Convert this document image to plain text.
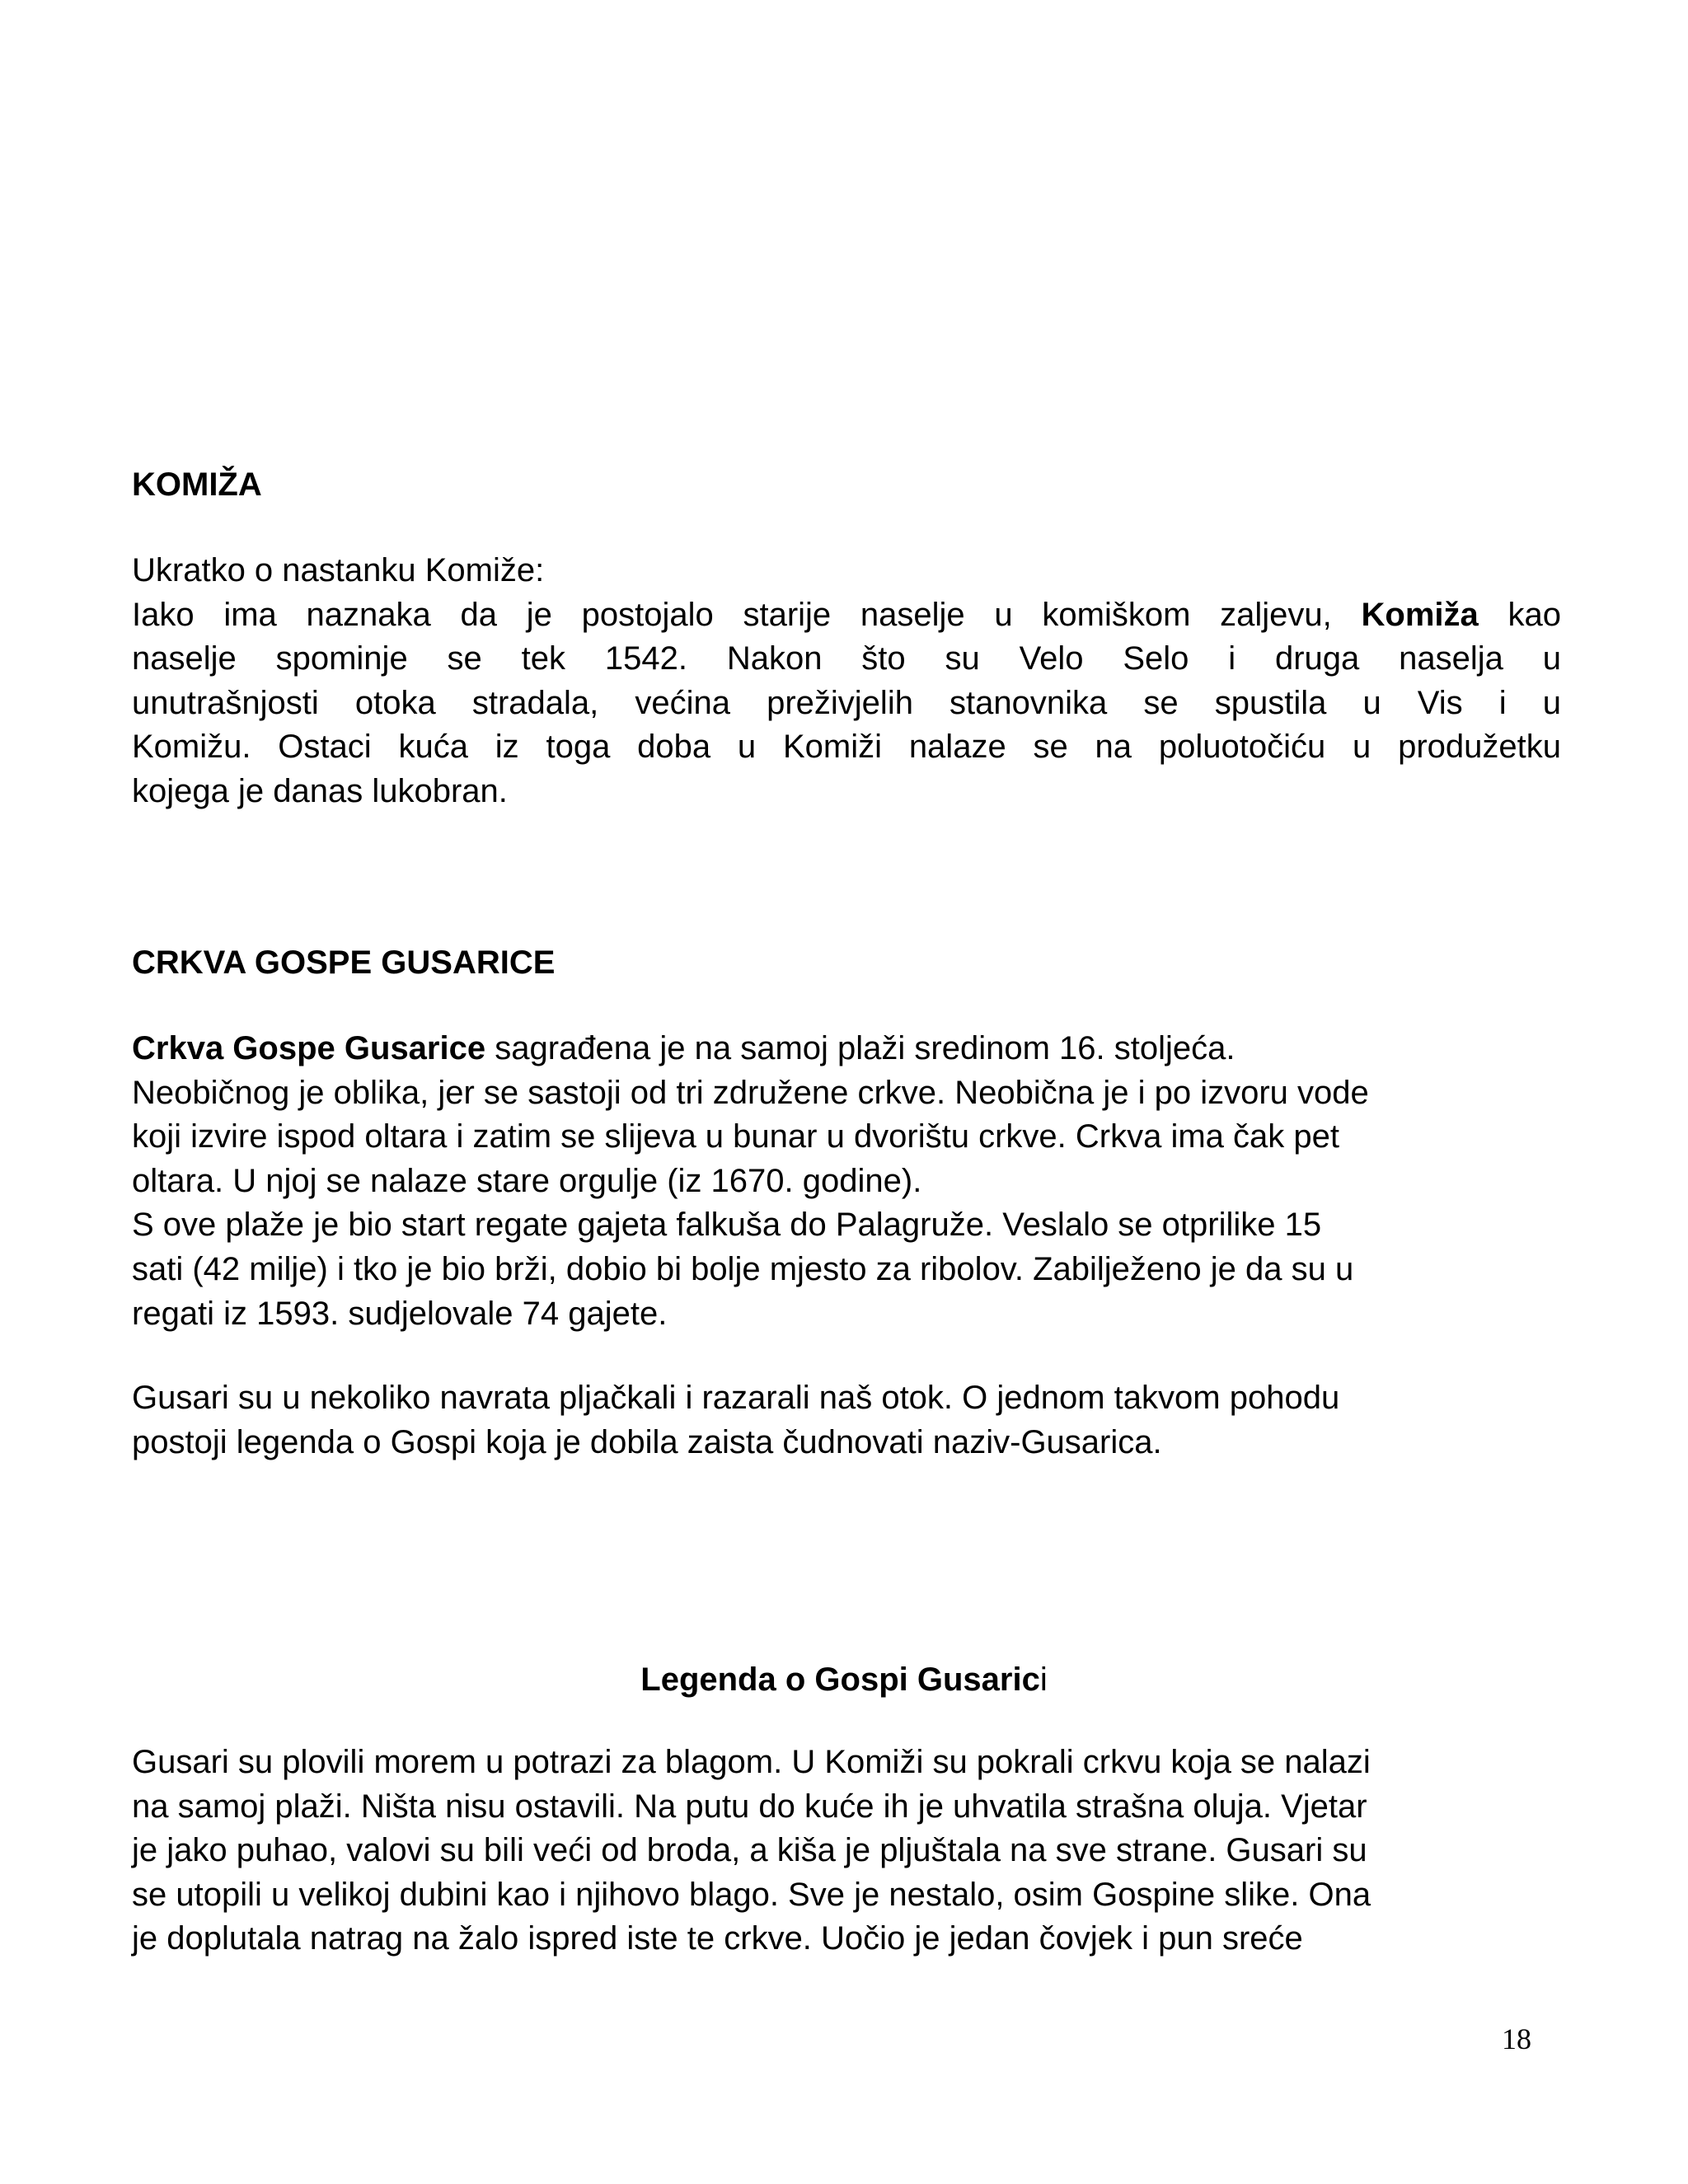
KOMIŽA
Ukratko o nastanku Komiže:
Iako ima naznaka da je postojalo starije naselje u komiškom zaljevu, Komiža kao
naselje spominje se tek 1542. Nakon što su Velo Selo i druga naselja u
unutrašnjosti otoka stradala, većina preživjelih stanovnika se spustila u Vis i u
Komižu. Ostaci kuća iz toga doba u Komiži nalaze se na poluotočiću u produžetku
kojega je danas lukobran.
CRKVA GOSPE GUSARICE
Crkva Gospe Gusarice sagrađena je na samoj plaži sredinom 16. stoljeća.
Neobičnog je oblika, jer se sastoji od tri združene crkve. Neobična je i po izvoru vode
koji izvire ispod oltara i zatim se slijeva u bunar u dvorištu crkve. Crkva ima čak pet
oltara. U njoj se nalaze stare orgulje (iz 1670. godine).
S ove plaže je bio start regate gajeta falkuša do Palagruže. Veslalo se otprilike 15
sati (42 milje) i tko je bio brži, dobio bi bolje mjesto za ribolov. Zabilježeno je da su u
regati iz 1593. sudjelovale 74 gajete.
Gusari su u nekoliko navrata pljačkali i razarali naš otok. O jednom takvom pohodu
postoji legenda o Gospi koja je dobila zaista čudnovati naziv-Gusarica.
Legenda o Gospi Gusarici
Gusari su plovili morem u potrazi za blagom. U Komiži su pokrali crkvu koja se nalazi
na samoj plaži. Ništa nisu ostavili. Na putu do kuće ih je uhvatila strašna oluja. Vjetar
je jako puhao, valovi su bili veći od broda, a kiša je pljuštala na sve strane. Gusari su
se utopili u velikoj dubini kao i njihovo blago. Sve je nestalo, osim Gospine slike. Ona
je doplutala natrag na žalo ispred iste te crkve. Uočio je jedan čovjek i pun sreće
18
